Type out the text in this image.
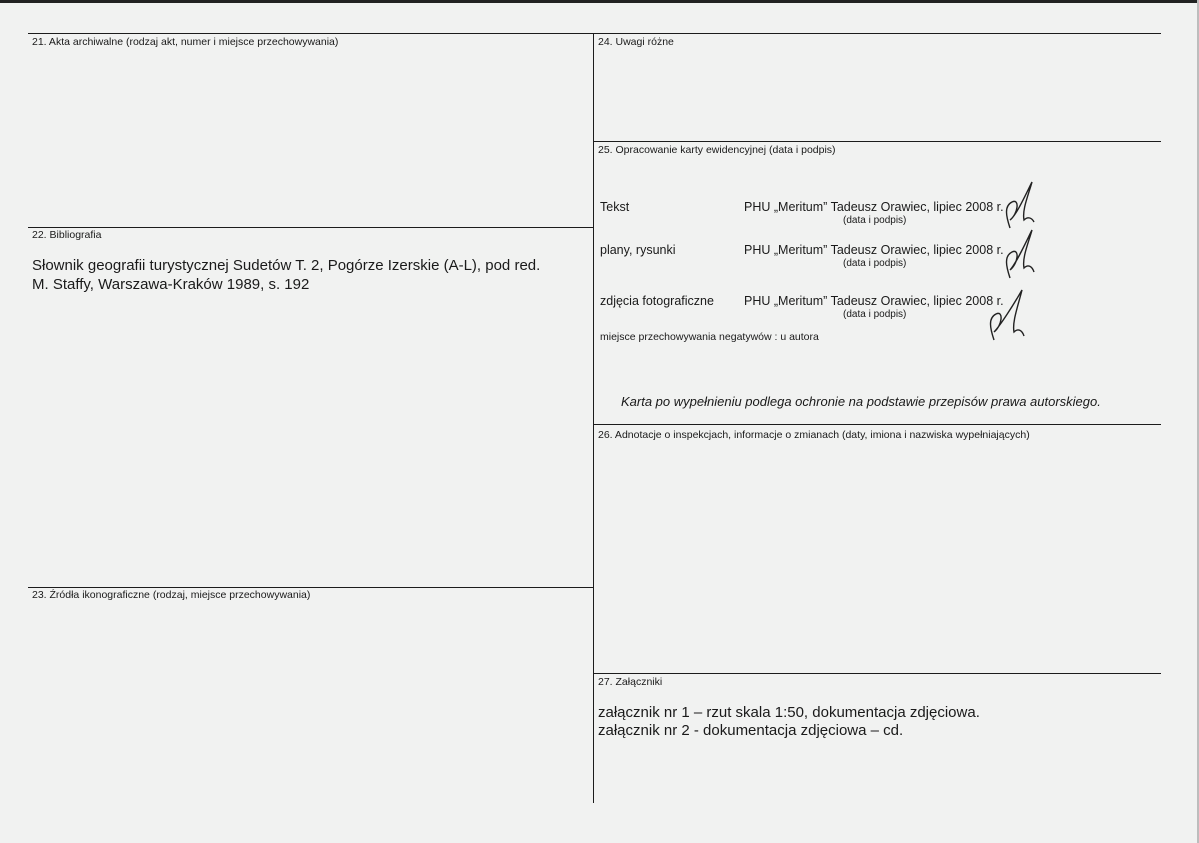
21. Akta archiwalne (rodzaj akt, numer i miejsce przechowywania)
22. Bibliografia
Słownik geografii turystycznej Sudetów T. 2, Pogórze Izerskie (A-L), pod red.
M. Staffy, Warszawa-Kraków 1989, s. 192
23. Źródła ikonograficzne (rodzaj, miejsce przechowywania)
24. Uwagi różne
25. Opracowanie karty ewidencyjnej (data i podpis)
Tekst	PHU „Meritum” Tadeusz Orawiec, lipiec 2008 r.
(data i podpis)
plany, rysunki	PHU „Meritum” Tadeusz Orawiec, lipiec 2008 r.
(data i podpis)
zdjęcia fotograficzne PHU „Meritum” Tadeusz Orawiec, lipiec 2008 r.
(data i podpis)
miejsce przechowywania negatywów : u autora
Karta po wypełnieniu podlega ochronie na podstawie przepisów prawa autorskiego.
26. Adnotacje o inspekcjach, informacje o zmianach (daty, imiona i nazwiska wypełniających)
27. Załączniki
załącznik nr 1 – rzut skala 1:50, dokumentacja zdjęciowa.
załącznik nr 2 - dokumentacja zdjęciowa – cd.
